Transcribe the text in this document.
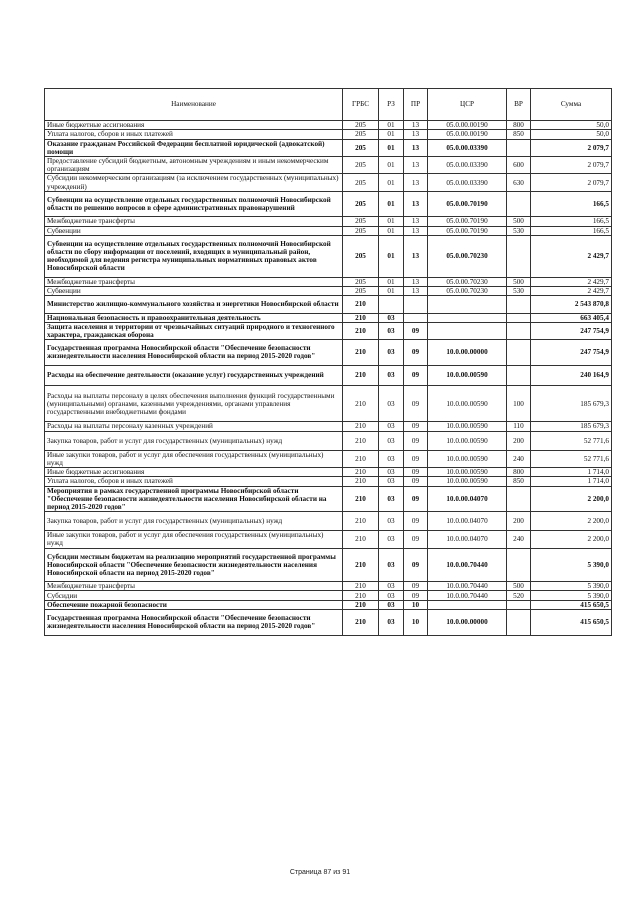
Наименование	ГРБС	РЗ	ПР	ЦСР	ВР	Сумма
Иные бюджетные ассигнования	205	01	13	05.0.00.00190	800	50,0
Уплата налогов, сборов и иных платежей	205	01	13	05.0.00.00190	850	50,0
Оказание гражданам Российской Федерации бесплатной юридической (адвокатской) помощи	205	01	13	05.0.00.03390		2 079,7
Предоставление субсидий бюджетным, автономным учреждениям и иным некоммерческим организациям	205	01	13	05.0.00.03390	600	2 079,7
Субсидии некоммерческим организациям (за исключением государственных (муниципальных) учреждений)	205	01	13	05.0.00.03390	630	2 079,7
Субвенции на осуществление отдельных государственных полномочий Новосибирской области по решению вопросов в сфере административных правонарушений	205	01	13	05.0.00.70190		166,5
Межбюджетные трансферты	205	01	13	05.0.00.70190	500	166,5
Субвенции	205	01	13	05.0.00.70190	530	166,5
Субвенции на осуществление отдельных государственных полномочий Новосибирской области по сбору информации от поселений, входящих в муниципальный район, необходимой для ведения регистра муниципальных нормативных правовых актов Новосибирской области	205	01	13	05.0.00.70230		2 429,7
Межбюджетные трансферты	205	01	13	05.0.00.70230	500	2 429,7
Субвенции	205	01	13	05.0.00.70230	530	2 429,7
Министерство жилищно-коммунального хозяйства и энергетики Новосибирской области	210					2 543 870,8
Национальная безопасность и правоохранительная деятельность	210	03				663 405,4
Защита населения и территории от чрезвычайных ситуаций природного и техногенного характера, гражданская оборона	210	03	09			247 754,9
Государственная программа Новосибирской области "Обеспечение безопасности жизнедеятельности населения Новосибирской области на период 2015-2020 годов"	210	03	09	10.0.00.00000		247 754,9
Расходы на обеспечение деятельности (оказание услуг) государственных учреждений	210	03	09	10.0.00.00590		240 164,9
Расходы на выплаты персоналу в целях обеспечения выполнения функций государственными (муниципальными) органами, казенными учреждениями, органами управления государственными внебюджетными фондами	210	03	09	10.0.00.00590	100	185 679,3
Расходы на выплаты персоналу казенных учреждений	210	03	09	10.0.00.00590	110	185 679,3
Закупка товаров, работ и услуг для государственных (муниципальных) нужд	210	03	09	10.0.00.00590	200	52 771,6
Иные закупки товаров, работ и услуг для обеспечения государственных (муниципальных) нужд	210	03	09	10.0.00.00590	240	52 771,6
Иные бюджетные ассигнования	210	03	09	10.0.00.00590	800	1 714,0
Уплата налогов, сборов и иных платежей	210	03	09	10.0.00.00590	850	1 714,0
Мероприятия в рамках государственной программы Новосибирской области "Обеспечение безопасности жизнедеятельности населения Новосибирской области на период 2015-2020 годов"	210	03	09	10.0.00.04070		2 200,0
Закупка товаров, работ и услуг для государственных (муниципальных) нужд	210	03	09	10.0.00.04070	200	2 200,0
Иные закупки товаров, работ и услуг для обеспечения государственных (муниципальных) нужд	210	03	09	10.0.00.04070	240	2 200,0
Субсидии местным бюджетам на реализацию мероприятий государственной программы Новосибирской области "Обеспечение безопасности жизнедеятельности населения Новосибирской области на период 2015-2020 годов"	210	03	09	10.0.00.70440		5 390,0
Межбюджетные трансферты	210	03	09	10.0.00.70440	500	5 390,0
Субсидии	210	03	09	10.0.00.70440	520	5 390,0
Обеспечение пожарной безопасности	210	03	10			415 650,5
Государственная программа Новосибирской области "Обеспечение безопасности жизнедеятельности населения Новосибирской области на период 2015-2020 годов"	210	03	10	10.0.00.00000		415 650,5
Страница 87 из 91
